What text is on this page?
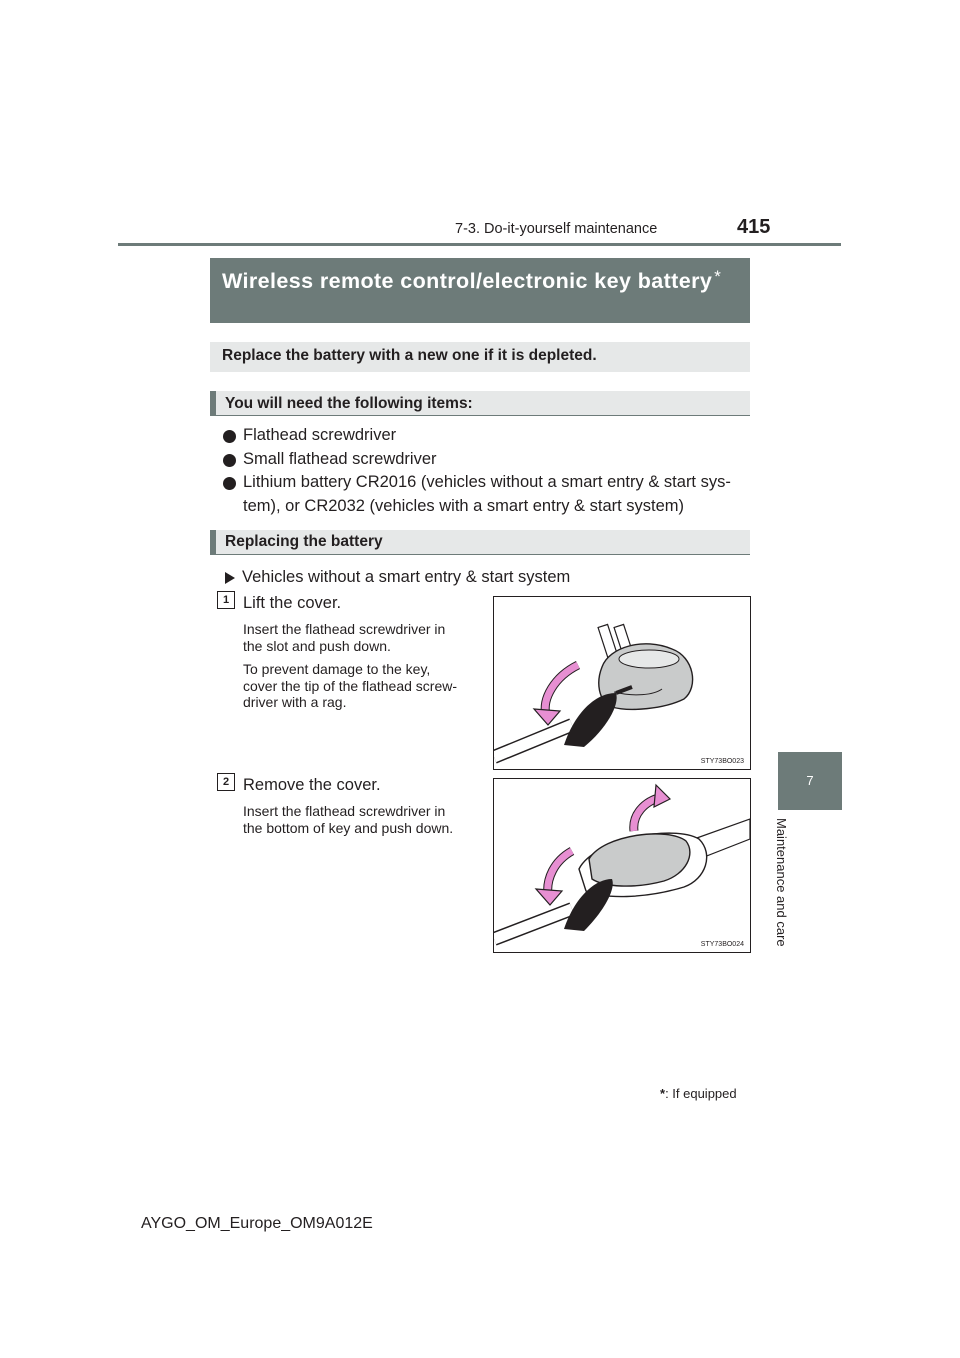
7-3. Do-it-yourself maintenance	415
7
Maintenance and care
Wireless remote control/electronic key battery *
Replace the battery with a new one if it is depleted.
You will need the following items:
Flathead screwdriver
Small flathead screwdriver
Lithium battery CR2016 (vehicles without a smart entry & start sys-
tem), or CR2032 (vehicles with a smart entry & start system)
Replacing the battery
Vehicles without a smart entry & start system
1 Lift the cover.
Insert the flathead screwdriver in
the slot and push down.
To prevent damage to the key,
cover the tip of the flathead screw-
driver with a rag.
STY73BO023
2 Remove the cover.
Insert the flathead screwdriver in
the bottom of key and push down.
STY73BO024
*: If equipped
AYGO_OM_Europe_OM9A012E
